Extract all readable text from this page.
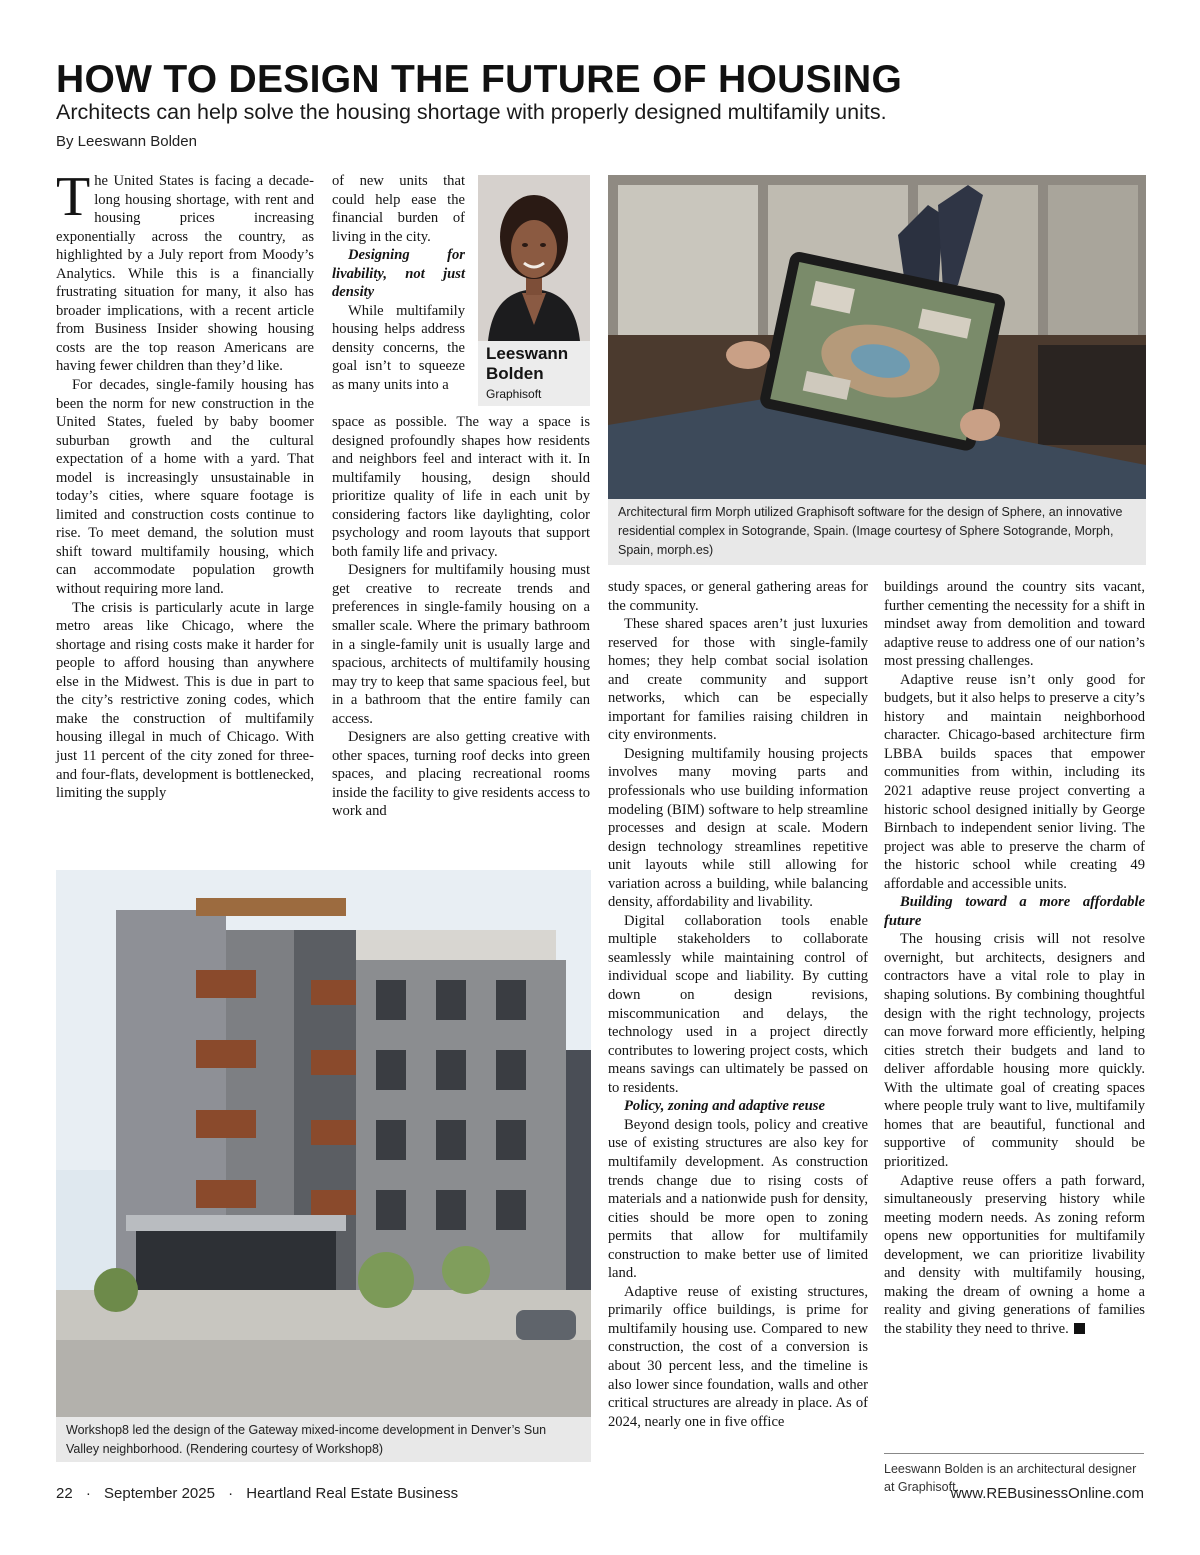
HOW TO DESIGN THE FUTURE OF HOUSING
Architects can help solve the housing shortage with properly designed multifamily units.
By Leeswann Bolden

The United States is facing a decade-long housing shortage, with rent and housing prices increasing exponentially across the country, as highlighted by a July report from Moody’s Analytics. While this is a financially frustrating situation for many, it also has broader implications, with a recent article from Business Insider showing housing costs are the top reason Americans are having fewer children than they’d like.

For decades, single-family housing has been the norm for new construction in the United States, fueled by baby boomer suburban growth and the cultural expectation of a home with a yard. That model is increasingly unsustainable in today’s cities, where square footage is limited and construction costs continue to rise. To meet demand, the solution must shift toward multifamily housing, which can accommodate population growth without requiring more land.

The crisis is particularly acute in large metro areas like Chicago, where the shortage and rising costs make it harder for people to afford housing than anywhere else in the Midwest. This is due in part to the city’s restrictive zoning codes, which make the construction of multifamily housing illegal in much of Chicago. With just 11 percent of the city zoned for three- and four-flats, development is bottlenecked, limiting the supply

of new units that could help ease the financial burden of living in the city.

Designing for livability, not just density

While multifamily housing helps address density concerns, the goal isn’t to squeeze as many units into a

Leeswann
Bolden
Graphisoft

space as possible. The way a space is designed profoundly shapes how residents and neighbors feel and interact with it. In multifamily housing, design should prioritize quality of life in each unit by considering factors like daylighting, color psychology and room layouts that support both family life and privacy.

Designers for multifamily housing must get creative to recreate trends and preferences in single-family housing on a smaller scale. Where the primary bathroom in a single-family unit is usually large and spacious, architects of multifamily housing may try to keep that same spacious feel, but in a bathroom that the entire family can access.

Designers are also getting creative with other spaces, turning roof decks into green spaces, and placing recreational rooms inside the facility to give residents access to work and

Architectural firm Morph utilized Graphisoft software for the design of Sphere, an innovative residential complex in Sotogrande, Spain. (Image courtesy of Sphere Sotogrande, Morph, Spain, morph.es)
Workshop8 led the design of the Gateway mixed-income development in Denver’s Sun Valley neighborhood. (Rendering courtesy of Workshop8)

study spaces, or general gathering areas for the community.

These shared spaces aren’t just luxuries reserved for those with single-family homes; they help combat social isolation and create community and support networks, which can be especially important for families raising children in city environments.

Designing multifamily housing projects involves many moving parts and professionals who use building information modeling (BIM) software to help streamline processes and design at scale. Modern design technology streamlines repetitive unit layouts while still allowing for variation across a building, while balancing density, affordability and livability.

Digital collaboration tools enable multiple stakeholders to collaborate seamlessly while maintaining control of individual scope and liability. By cutting down on design revisions, miscommunication and delays, the technology used in a project directly contributes to lowering project costs, which means savings can ultimately be passed on to residents.

Policy, zoning and adaptive reuse

Beyond design tools, policy and creative use of existing structures are also key for multifamily development. As construction trends change due to rising costs of materials and a nationwide push for density, cities should be more open to zoning permits that allow for multifamily construction to make better use of limited land.

Adaptive reuse of existing structures, primarily office buildings, is prime for multifamily housing use. Compared to new construction, the cost of a conversion is about 30 percent less, and the timeline is also lower since foundation, walls and other critical structures are already in place. As of 2024, nearly one in five office

buildings around the country sits vacant, further cementing the necessity for a shift in mindset away from demolition and toward adaptive reuse to address one of our nation’s most pressing challenges.

Adaptive reuse isn’t only good for budgets, but it also helps to preserve a city’s history and maintain neighborhood character. Chicago-based architecture firm LBBA builds spaces that empower communities from within, including its 2021 adaptive reuse project converting a historic school designed initially by George Birnbach to independent senior living. The project was able to preserve the charm of the historic school while creating 49 affordable and accessible units.

Building toward a more affordable future

The housing crisis will not resolve overnight, but architects, designers and contractors have a vital role to play in shaping solutions. By combining thoughtful design with the right technology, projects can move forward more efficiently, helping cities stretch their budgets and land to deliver affordable housing more quickly. With the ultimate goal of creating spaces where people truly want to live, multifamily homes that are beautiful, functional and supportive of community should be prioritized.

Adaptive reuse offers a path forward, simultaneously preserving history while meeting modern needs. As zoning reform opens new opportunities for multifamily development, we can prioritize livability and density with multifamily housing, making the dream of owning a home a reality and giving generations of families the stability they need to thrive.

Leeswann Bolden is an architectural designer at Graphisoft.
22 · September 2025 · Heartland Real Estate Business	www.REBusinessOnline.com
